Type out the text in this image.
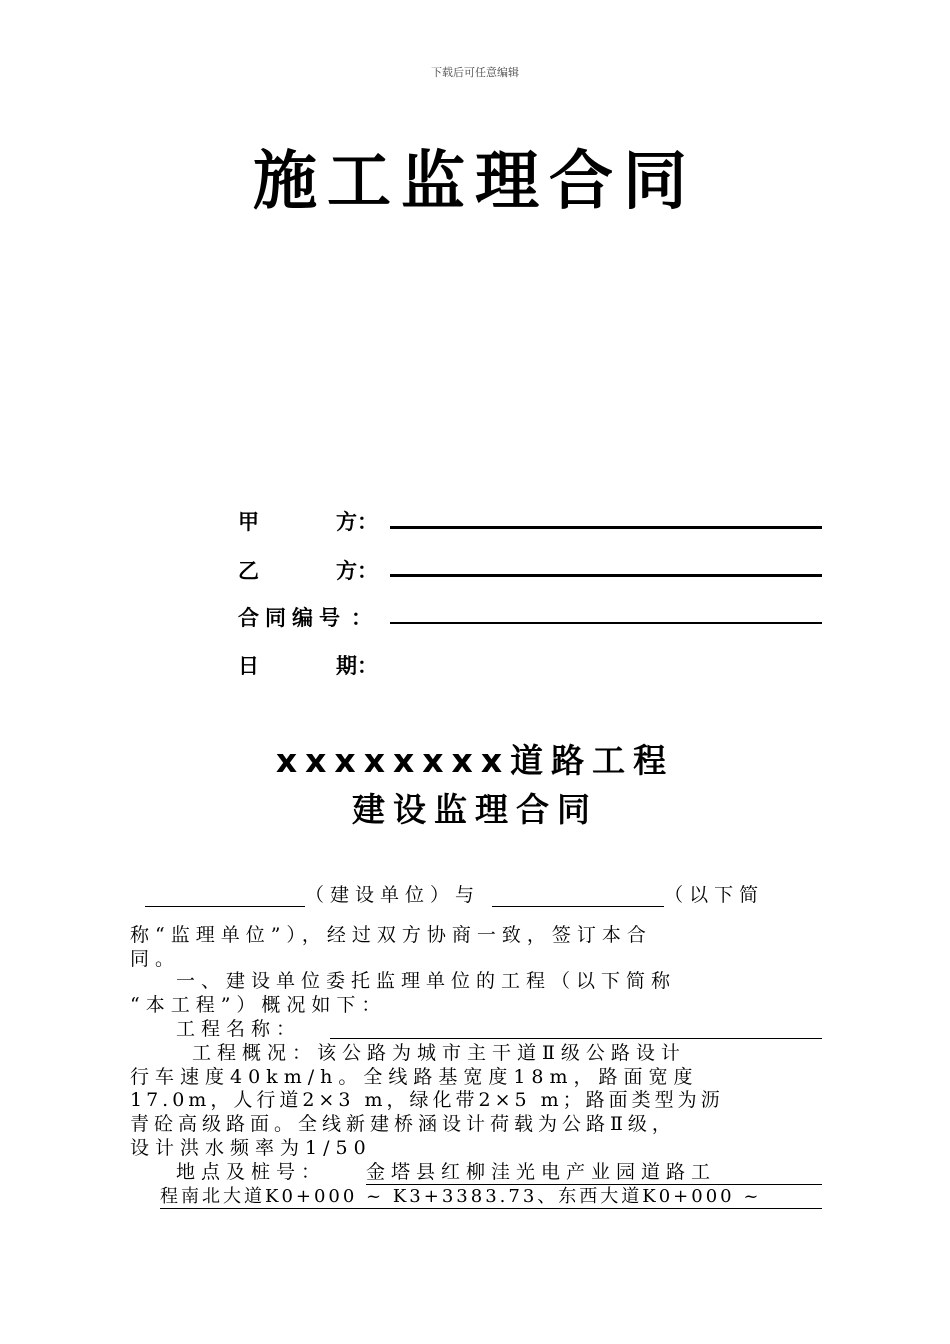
下载后可任意编辑
施工监理合同
甲	方：
乙	方：
合同编号 ：
日	期：
xxxxxxxx道路工程
建设监理合同
（建设单位）与	（以下简
称“监理单位”），经过双方协商一致，签订本合
同。
一、建设单位委托监理单位的工程（以下简称
“本工程”）概况如下：
工程名称：
工程概况：该公路为城市主干道Ⅱ级公路设计
行车速度40km/h。全线路基宽度18m，路面宽度
17.0m，人行道2×3 m，绿化带2×5 m；路面类型为沥
青砼高级路面。全线新建桥涵设计荷载为公路Ⅱ级，
设计洪水频率为1/50
地点及桩号：	金塔县红柳洼光电产业园道路工
程南北大道K0+000 ~ K3+3383.73、东西大道K0+000 ~
